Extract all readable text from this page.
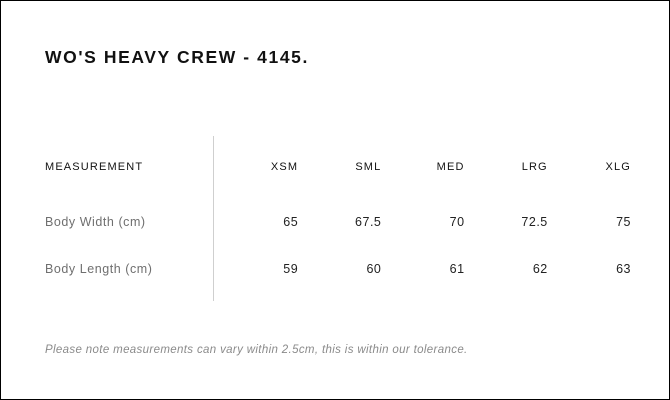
WO'S HEAVY CREW - 4145.
MEASUREMENT	XSM	SML	MED	LRG	XLG
Body Width (cm)	65	67.5	70	72.5	75
Body Length (cm)	59	60	61	62	63
Please note measurements can vary within 2.5cm, this is within our tolerance.
